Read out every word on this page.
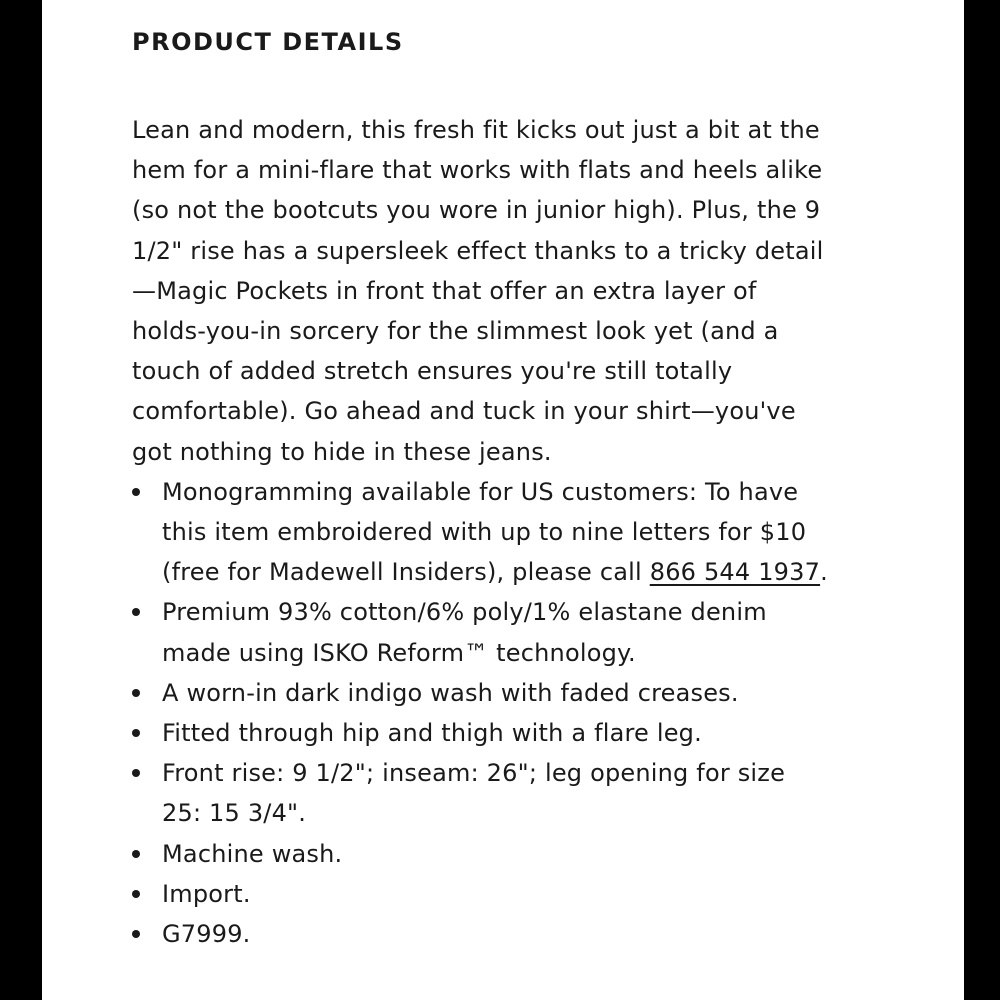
PRODUCT DETAILS

Lean and modern, this fresh fit kicks out just a bit at the hem for a mini-flare that works with flats and heels alike (so not the bootcuts you wore in junior high). Plus, the 9 1/2" rise has a supersleek effect thanks to a tricky detail—Magic Pockets in front that offer an extra layer of holds-you-in sorcery for the slimmest look yet (and a touch of added stretch ensures you're still totally comfortable). Go ahead and tuck in your shirt—you've got nothing to hide in these jeans.

Monogramming available for US customers: To have this item embroidered with up to nine letters for $10 (free for Madewell Insiders), please call 866 544 1937.
Premium 93% cotton/6% poly/1% elastane denim made using ISKO Reform™ technology.
A worn-in dark indigo wash with faded creases.
Fitted through hip and thigh with a flare leg.
Front rise: 9 1/2"; inseam: 26"; leg opening for size 25: 15 3/4".
Machine wash.
Import.
G7999.
